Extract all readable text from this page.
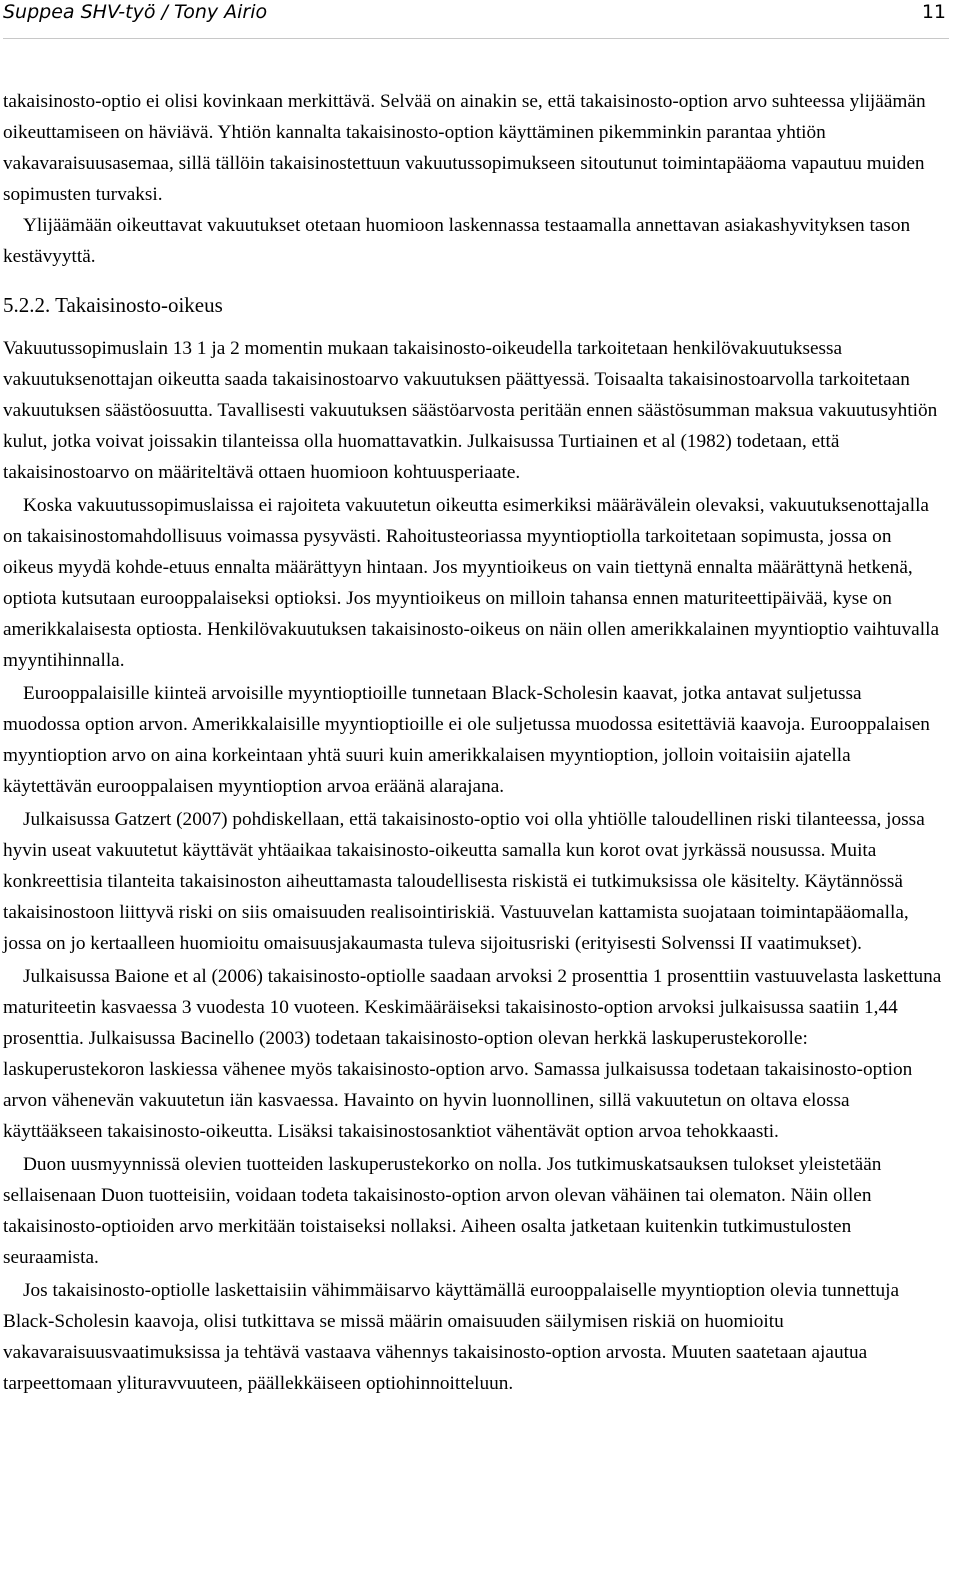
Suppea SHV-työ / Tony Airio	11

takaisinosto-optio ei olisi kovinkaan merkittävä. Selvää on ainakin se, että takaisinosto-option arvo suhteessa ylijäämän oikeuttamiseen on häviävä. Yhtiön kannalta takaisinosto-option käyttäminen pikemminkin parantaa yhtiön vakavaraisuusasemaa, sillä tällöin takaisinostettuun vakuutussopimukseen sitoutunut toimintapääoma vapautuu muiden sopimusten turvaksi.

Ylijäämään oikeuttavat vakuutukset otetaan huomioon laskennassa testaamalla annettavan asiakashyvityksen tason kestävyyttä.

5.2.2. Takaisinosto-oikeus

Vakuutussopimuslain 13 1 ja 2 momentin mukaan takaisinosto-oikeudella tarkoitetaan henkilövakuutuksessa vakuutuksenottajan oikeutta saada takaisinostoarvo vakuutuksen päättyessä. Toisaalta takaisinostoarvolla tarkoitetaan vakuutuksen säästöosuutta. Tavallisesti vakuutuksen säästöarvosta peritään ennen säästösumman maksua vakuutusyhtiön kulut, jotka voivat joissakin tilanteissa olla huomattavatkin. Julkaisussa Turtiainen et al (1982) todetaan, että takaisinostoarvo on määriteltävä ottaen huomioon kohtuusperiaate.

Koska vakuutussopimuslaissa ei rajoiteta vakuutetun oikeutta esimerkiksi määrävälein olevaksi, vakuutuksenottajalla on takaisinostomahdollisuus voimassa pysyvästi. Rahoitusteoriassa myyntioptiolla tarkoitetaan sopimusta, jossa on oikeus myydä kohde-etuus ennalta määrättyyn hintaan. Jos myyntioikeus on vain tiettynä ennalta määrättynä hetkenä, optiota kutsutaan eurooppalaiseksi optioksi. Jos myyntioikeus on milloin tahansa ennen maturiteettipäivää, kyse on amerikkalaisesta optiosta. Henkilövakuutuksen takaisinosto-oikeus on näin ollen amerikkalainen myyntioptio vaihtuvalla myyntihinnalla.

Eurooppalaisille kiinteä arvoisille myyntioptioille tunnetaan Black-Scholesin kaavat, jotka antavat suljetussa muodossa option arvon. Amerikkalaisille myyntioptioille ei ole suljetussa muodossa esitettäviä kaavoja. Eurooppalaisen myyntioption arvo on aina korkeintaan yhtä suuri kuin amerikkalaisen myyntioption, jolloin voitaisiin ajatella käytettävän eurooppalaisen myyntioption arvoa eräänä alarajana.

Julkaisussa Gatzert (2007) pohdiskellaan, että takaisinosto-optio voi olla yhtiölle taloudellinen riski tilanteessa, jossa hyvin useat vakuutetut käyttävät yhtäaikaa takaisinosto-oikeutta samalla kun korot ovat jyrkässä nousussa. Muita konkreettisia tilanteita takaisinoston aiheuttamasta taloudellisesta riskistä ei tutkimuksissa ole käsitelty. Käytännössä takaisinostoon liittyvä riski on siis omaisuuden realisointiriskiä. Vastuuvelan kattamista suojataan toimintapääomalla, jossa on jo kertaalleen huomioitu omaisuusjakaumasta tuleva sijoitusriski (erityisesti Solvenssi II vaatimukset).

Julkaisussa Baione et al (2006) takaisinosto-optiolle saadaan arvoksi 2 prosenttia 1 prosenttiin vastuuvelasta laskettuna maturiteetin kasvaessa 3 vuodesta 10 vuoteen. Keskimääräiseksi takaisinosto-option arvoksi julkaisussa saatiin 1,44 prosenttia. Julkaisussa Bacinello (2003) todetaan takaisinosto-option olevan herkkä laskuperustekorolle: laskuperustekoron laskiessa vähenee myös takaisinosto-option arvo. Samassa julkaisussa todetaan takaisinosto-option arvon vähenevän vakuutetun iän kasvaessa. Havainto on hyvin luonnollinen, sillä vakuutetun on oltava elossa käyttääkseen takaisinosto-oikeutta. Lisäksi takaisinostosanktiot vähentävät option arvoa tehokkaasti.

Duon uusmyynnissä olevien tuotteiden laskuperustekorko on nolla. Jos tutkimuskatsauksen tulokset yleistetään sellaisenaan Duon tuotteisiin, voidaan todeta takaisinosto-option arvon olevan vähäinen tai olematon. Näin ollen takaisinosto-optioiden arvo merkitään toistaiseksi nollaksi. Aiheen osalta jatketaan kuitenkin tutkimustulosten seuraamista.

Jos takaisinosto-optiolle laskettaisiin vähimmäisarvo käyttämällä eurooppalaiselle myyntioption olevia tunnettuja Black-Scholesin kaavoja, olisi tutkittava se missä määrin omaisuuden säilymisen riskiä on huomioitu vakavaraisuusvaatimuksissa ja tehtävä vastaava vähennys takaisinosto-option arvosta. Muuten saatetaan ajautua tarpeettomaan ylituravvuuteen, päällekkäiseen optiohinnoitteluun.
